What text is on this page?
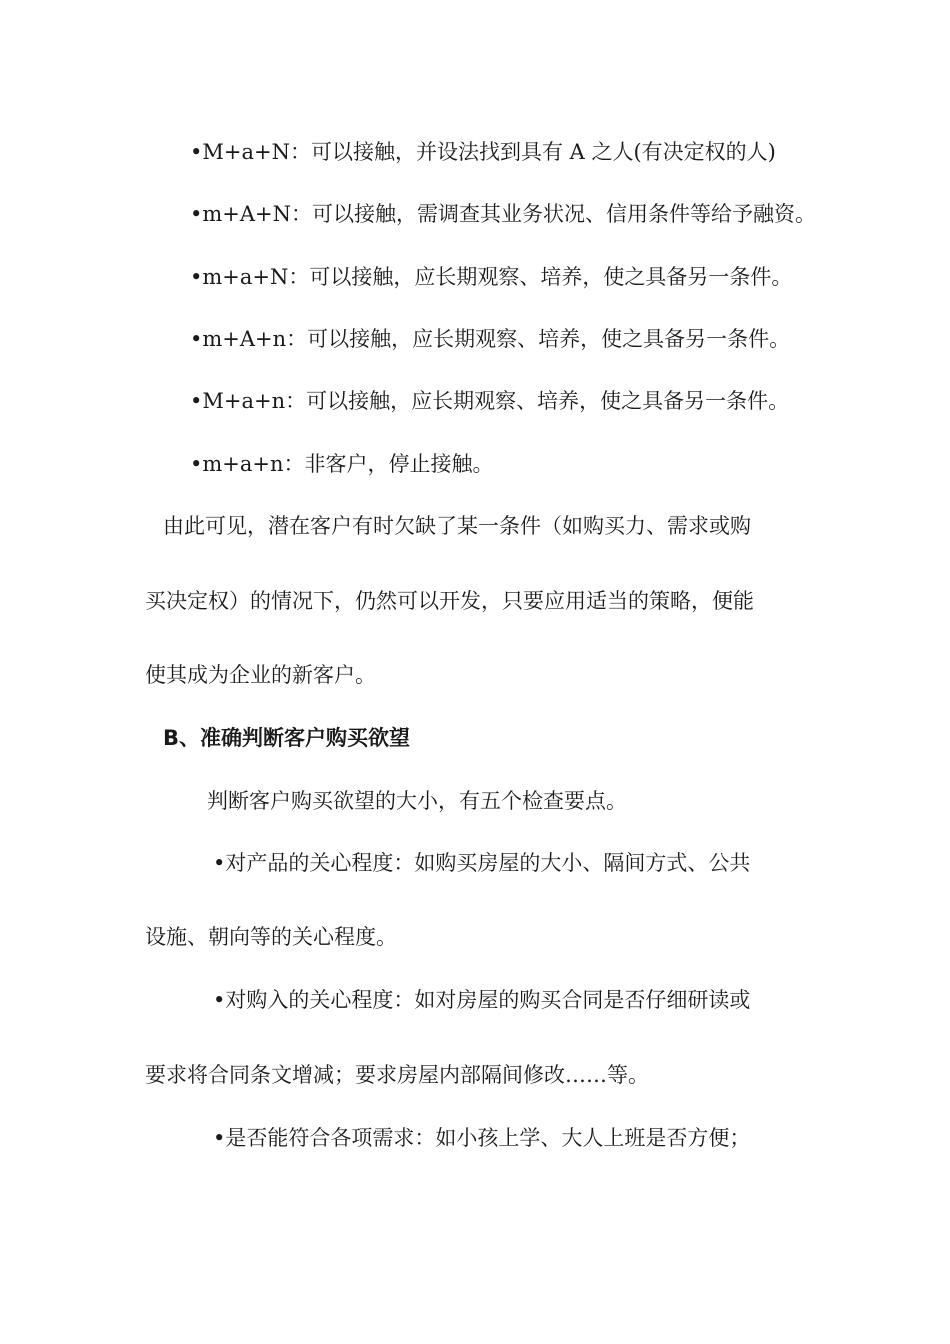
•M+a+N：可以接触，并设法找到具有 A 之人(有决定权的人)
•m+A+N：可以接触，需调查其业务状况、信用条件等给予融资。
•m+a+N：可以接触，应长期观察、培养，使之具备另一条件。
•m+A+n：可以接触，应长期观察、培养，使之具备另一条件。
•M+a+n：可以接触，应长期观察、培养，使之具备另一条件。
•m+a+n：非客户，停止接触。
由此可见，潜在客户有时欠缺了某一条件（如购买力、需求或购
买决定权）的情况下，仍然可以开发，只要应用适当的策略，便能
使其成为企业的新客户。
B、准确判断客户购买欲望
判断客户购买欲望的大小，有五个检查要点。
•对产品的关心程度：如购买房屋的大小、隔间方式、公共
设施、朝向等的关心程度。
•对购入的关心程度：如对房屋的购买合同是否仔细研读或
要求将合同条文增减；要求房屋内部隔间修改……等。
•是否能符合各项需求：如小孩上学、大人上班是否方便；
